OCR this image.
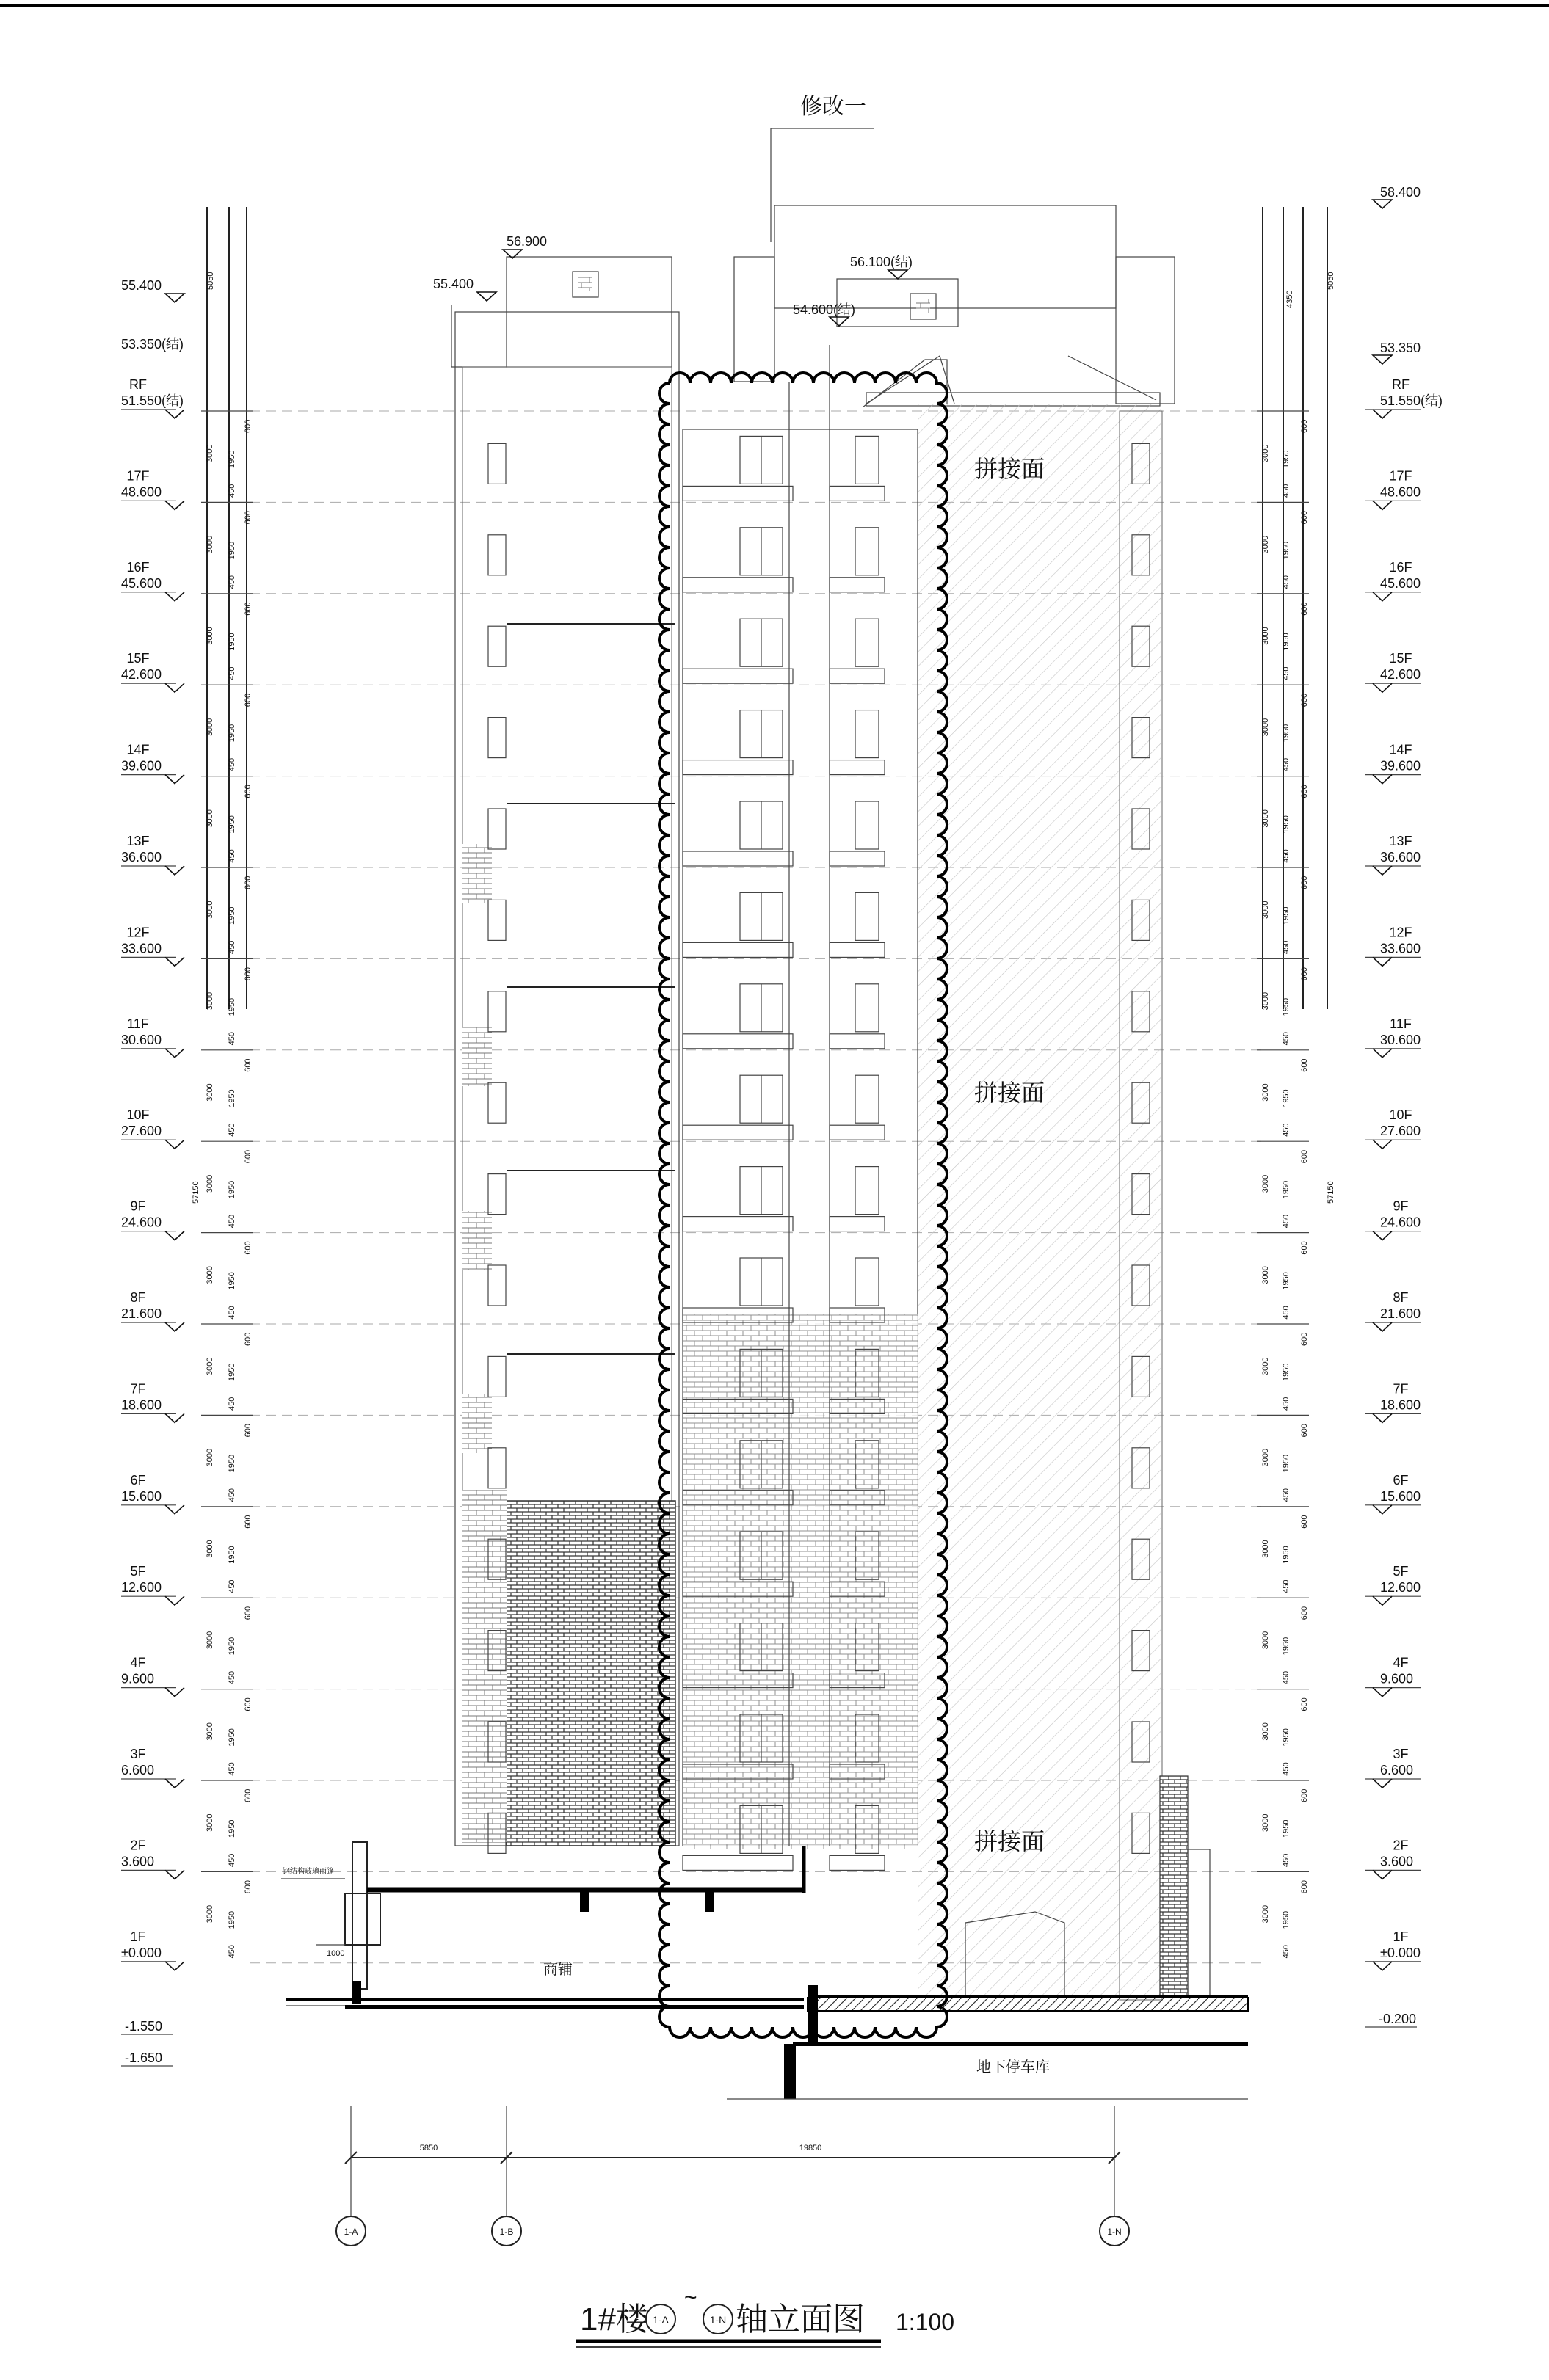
修改一
57150
5050
RF
51.550(结)
17F
48.600
16F
45.600
15F
42.600
14F
39.600
13F
36.600
12F
33.600
11F
30.600
10F
27.600
9F
24.600
8F
21.600
7F
18.600
6F
15.600
5F
12.600
4F
9.600
3F
6.600
2F
3.600
1F
±0.000
57150
5050
4350
RF
51.550(结)
17F
48.600
16F
45.600
15F
42.600
14F
39.600
13F
36.600
12F
33.600
11F
30.600
10F
27.600
9F
24.600
8F
21.600
7F
18.600
6F
15.600
5F
12.600
4F
9.600
3F
6.600
2F
3.600
1F
±0.000
3000 1950
450
600
3000 1950
450
600
3000 1950
450
600
3000 1950
450
600
3000 1950
450
600
3000 1950
450
600
3000 1950
450
600
3000 1950
450
600
3000 1950
450
600
3000 1950
450
600
3000 1950
450
600
3000 1950
450
600
3000 1950
450
600
3000 1950
450
600
3000 1950
450
600
3000 1950
450
600
3000 1950
450
600
3000 1950
450
600
3000 1950
450
600
3000 1950
450
600
3000 1950
450
600
3000 1950
450
600
3000 1950
450
600
3000 1950
450
600
3000 1950
450
600
3000 1950
450
600
3000 1950
450
600
3000 1950
450
600
3000 1950
450
600
3000 1950
450
600
3000 1950
450
600
3000 1950
450
600
3000 1950
450
600
3000 1950
450
600
拼接面
拼接面
拼接面
商铺
钢结构玻璃雨篷
1000
地下停车库
5850	19850
1-A	1-B	1-N
1#楼 1-A
~
1-N 轴立面图 1:100
55.400
53.350(结)
56.900
55.400
56.100(结)
54.600(结)
58.400
53.350
-1.550
-1.650
-0.200
